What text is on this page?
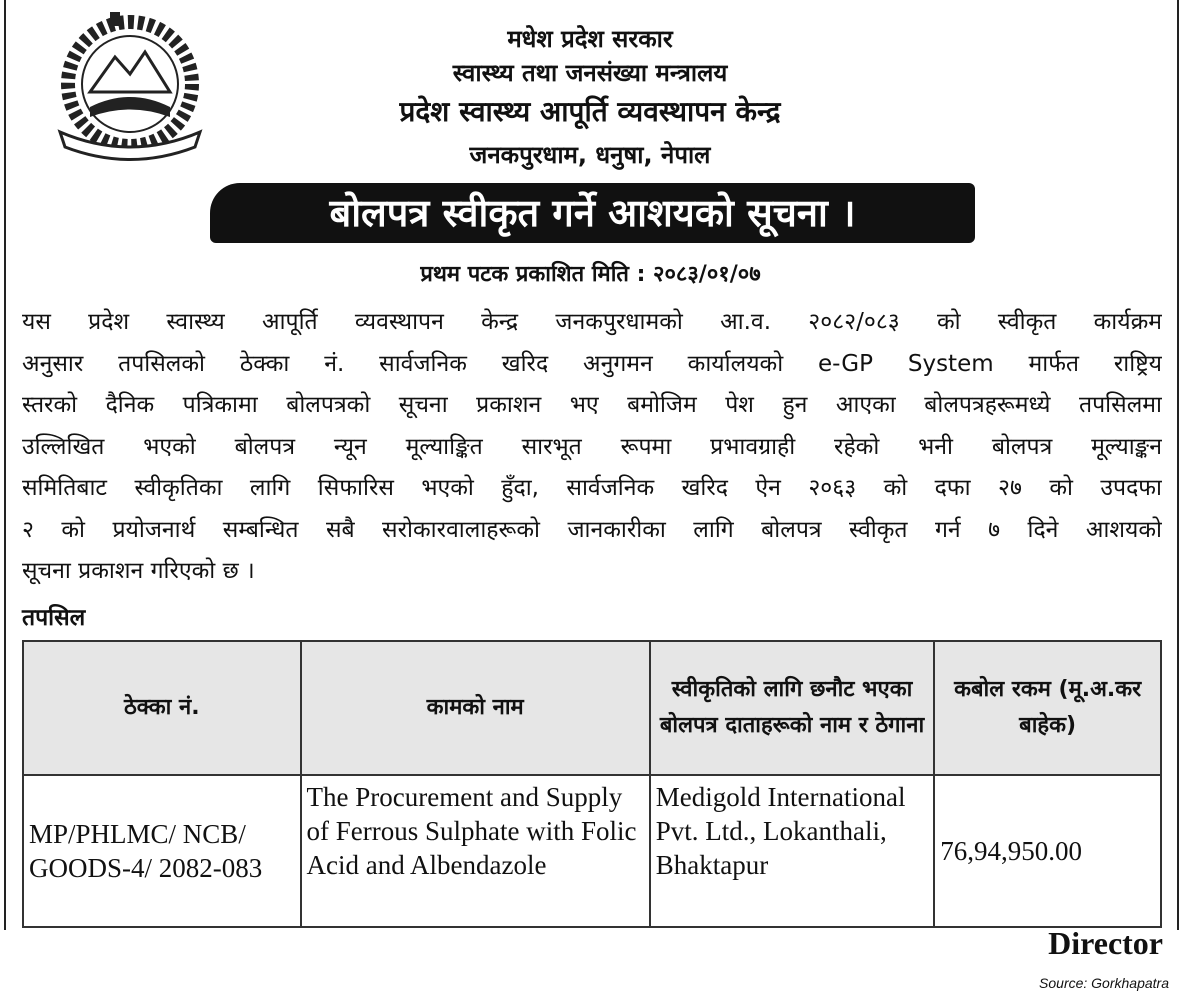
मधेश प्रदेश सरकार
स्वास्थ्य तथा जनसंख्या मन्त्रालय
प्रदेश स्वास्थ्य आपूर्ति व्यवस्थापन केन्द्र
जनकपुरधाम, धनुषा, नेपाल
बोलपत्र स्वीकृत गर्ने आशयको सूचना ।
प्रथम पटक प्रकाशित मिति : २०८३/०१/०७
यस प्रदेश स्वास्थ्य आपूर्ति व्यवस्थापन केन्द्र जनकपुरधामको आ.व. २०८२/०८३ को स्वीकृत कार्यक्रम
अनुसार तपसिलको ठेक्का नं. सार्वजनिक खरिद अनुगमन कार्यालयको e-GP System मार्फत राष्ट्रिय
स्तरको दैनिक पत्रिकामा बोलपत्रको सूचना प्रकाशन भए बमोजिम पेश हुन आएका बोलपत्रहरूमध्ये तपसिलमा
उल्लिखित भएको बोलपत्र न्यून मूल्याङ्कित सारभूत रूपमा प्रभावग्राही रहेको भनी बोलपत्र मूल्याङ्कन
समितिबाट स्वीकृतिका लागि सिफारिस भएको हुँदा, सार्वजनिक खरिद ऐन २०६३ को दफा २७ को उपदफा
२ को प्रयोजनार्थ सम्बन्धित सबै सरोकारवालाहरूको जानकारीका लागि बोलपत्र स्वीकृत गर्न ७ दिने आशयको
सूचना प्रकाशन गरिएको छ ।
तपसिल
ठेक्का नं.	कामको नाम	स्वीकृतिको लागि छनौट भएका बोलपत्र दाताहरूको नाम र ठेगाना	कबोल रकम (मू.अ.कर बाहेक)
MP/PHLMC/ NCB/ GOODS-4/ 2082-083	The Procurement and Supply of Ferrous Sulphate with Folic Acid and Albendazole	Medigold International Pvt. Ltd., Lokanthali, Bhaktapur	76,94,950.00
Director
Source: Gorkhapatra
